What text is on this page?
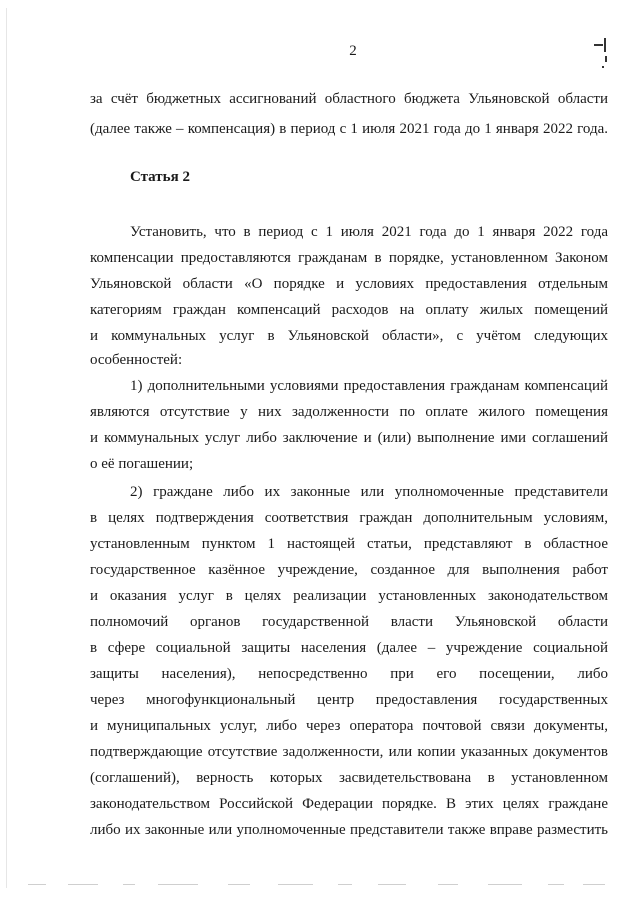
2
за счёт бюджетных ассигнований областного бюджета Ульяновской области
(далее также – компенсация) в период с 1 июля 2021 года до 1 января 2022 года.
Статья 2
Установить, что в период с 1 июля 2021 года до 1 января 2022 года
компенсации предоставляются гражданам в порядке, установленном Законом
Ульяновской области «О порядке и условиях предоставления отдельным
категориям граждан компенсаций расходов на оплату жилых помещений
и коммунальных услуг в Ульяновской области», с учётом следующих
особенностей:
1) дополнительными условиями предоставления гражданам компенсаций
являются отсутствие у них задолженности по оплате жилого помещения
и коммунальных услуг либо заключение и (или) выполнение ими соглашений
о её погашении;
2) граждане либо их законные или уполномоченные представители
в целях подтверждения соответствия граждан дополнительным условиям,
установленным пунктом 1 настоящей статьи, представляют в областное
государственное казённое учреждение, созданное для выполнения работ
и оказания услуг в целях реализации установленных законодательством
полномочий органов государственной власти Ульяновской области
в сфере социальной защиты населения (далее – учреждение социальной
защиты населения), непосредственно при его посещении, либо
через многофункциональный центр предоставления государственных
и муниципальных услуг, либо через оператора почтовой связи документы,
подтверждающие отсутствие задолженности, или копии указанных документов
(соглашений), верность которых засвидетельствована в установленном
законодательством Российской Федерации порядке. В этих целях граждане
либо их законные или уполномоченные представители также вправе разместить
